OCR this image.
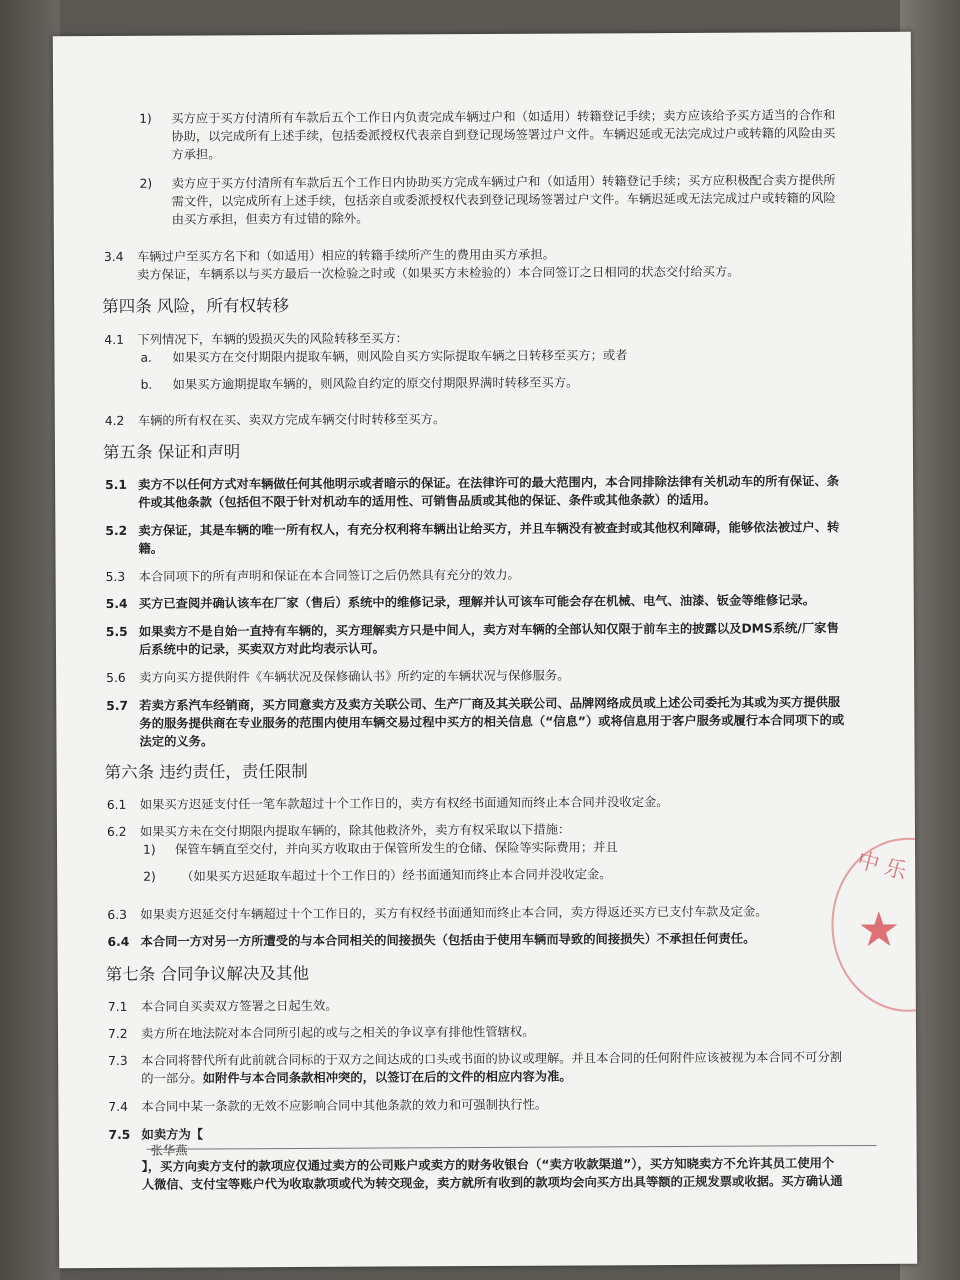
1) 买方应于买方付清所有车款后五个工作日内负责完成车辆过户和（如适用）转籍登记手续；卖方应该给予买方适当的合作和
协助，以完成所有上述手续，包括委派授权代表亲自到登记现场签署过户文件。车辆迟延或无法完成过户或转籍的风险由买
方承担。
2) 卖方应于买方付清所有车款后五个工作日内协助买方完成车辆过户和（如适用）转籍登记手续；买方应积极配合卖方提供所
需文件，以完成所有上述手续，包括亲自或委派授权代表到登记现场签署过户文件。车辆迟延或无法完成过户或转籍的风险
由买方承担，但卖方有过错的除外。
3.4 车辆过户至买方名下和（如适用）相应的转籍手续所产生的费用由买方承担。
卖方保证，车辆系以与买方最后一次检验之时或（如果买方未检验的）本合同签订之日相同的状态交付给买方。
第四条 风险，所有权转移
4.1 下列情况下，车辆的毁损灭失的风险转移至买方：
a. 如果买方在交付期限内提取车辆，则风险自买方实际提取车辆之日转移至买方；或者
b. 如果买方逾期提取车辆的，则风险自约定的原交付期限界满时转移至买方。
4.2 车辆的所有权在买、卖双方完成车辆交付时转移至买方。
第五条 保证和声明
5.1 卖方不以任何方式对车辆做任何其他明示或者暗示的保证。在法律许可的最大范围内，本合同排除法律有关机动车的所有保证、条
件或其他条款（包括但不限于针对机动车的适用性、可销售品质或其他的保证、条件或其他条款）的适用。
5.2 卖方保证，其是车辆的唯一所有权人，有充分权利将车辆出让给买方，并且车辆没有被查封或其他权利障碍，能够依法被过户、转
籍。
5.3 本合同项下的所有声明和保证在本合同签订之后仍然具有充分的效力。
5.4 买方已查阅并确认该车在厂家（售后）系统中的维修记录，理解并认可该车可能会存在机械、电气、油漆、钣金等维修记录。
5.5 如果卖方不是自始一直持有车辆的，买方理解卖方只是中间人，卖方对车辆的全部认知仅限于前车主的披露以及DMS系统/厂家售
后系统中的记录，买卖双方对此均表示认可。
5.6 卖方向买方提供附件《车辆状况及保修确认书》所约定的车辆状况与保修服务。
5.7 若卖方系汽车经销商，买方同意卖方及卖方关联公司、生产厂商及其关联公司、品牌网络成员或上述公司委托为其或为买方提供服
务的服务提供商在专业服务的范围内使用车辆交易过程中买方的相关信息（“信息”）或将信息用于客户服务或履行本合同项下的或
法定的义务。
第六条 违约责任，责任限制
6.1 如果买方迟延支付任一笔车款超过十个工作日的，卖方有权经书面通知而终止本合同并没收定金。
6.2 如果买方未在交付期限内提取车辆的，除其他救济外，卖方有权采取以下措施：
1) 保管车辆直至交付，并向买方收取由于保管所发生的仓储、保险等实际费用；并且
2) （如果买方迟延取车超过十个工作日的）经书面通知而终止本合同并没收定金。
6.3 如果卖方迟延交付车辆超过十个工作日的，买方有权经书面通知而终止本合同，卖方得返还买方已支付车款及定金。
6.4 本合同一方对另一方所遭受的与本合同相关的间接损失（包括由于使用车辆而导致的间接损失）不承担任何责任。
第七条 合同争议解决及其他
7.1 本合同自买卖双方签署之日起生效。
7.2 卖方所在地法院对本合同所引起的或与之相关的争议享有排他性管辖权。
7.3 本合同将替代所有此前就合同标的于双方之间达成的口头或书面的协议或理解。并且本合同的任何附件应该被视为本合同不可分割
的一部分。如附件与本合同条款相冲突的，以签订在后的文件的相应内容为准。
7.4 本合同中某一条款的无效不应影响合同中其他条款的效力和可强制执行性。
7.5 如卖方为【
张华燕
】，买方向卖方支付的款项应仅通过卖方的公司账户或卖方的财务收银台（“卖方收款渠道”），买方知晓卖方不允许其员工使用个
人微信、支付宝等账户代为收取款项或代为转交现金，卖方就所有收到的款项均会向买方出具等额的正规发票或收据。买方确认通
中乐
★
